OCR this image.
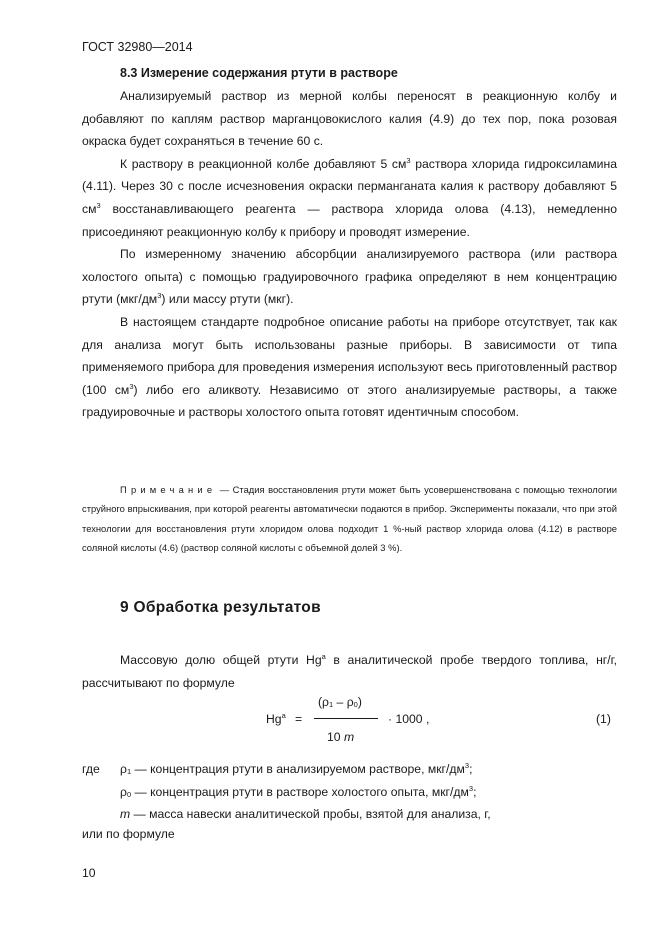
ГОСТ 32980—2014
8.3 Измерение содержания ртути в растворе

Анализируемый раствор из мерной колбы переносят в реакционную колбу и добавляют по каплям раствор марганцовокислого калия (4.9) до тех пор, пока розовая окраска будет сохраняться в течение 60 с.

К раствору в реакционной колбе добавляют 5 $см^3$ раствора хлорида гидроксиламина (4.11). Через 30 с после исчезновения окраски перманганата калия к раствору добавляют 5 $см^3$ восстанавливающего реагента — раствора хлорида олова (4.13), немедленно присоединяют реакционную колбу к прибору и проводят измерение.

По измеренному значению абсорбции анализируемого раствора (или раствора холостого опыта) с помощью градуировочного графика определяют в нем концентрацию ртути $(мкг/дм^3)$ или массу ртути (мкг).

В настоящем стандарте подробное описание работы на приборе отсутствует, так как для анализа могут быть использованы разные приборы. В зависимости от типа применяемого прибора для проведения измерения используют весь приготовленный раствор (100 $см^3$) либо его аликвоту. Независимо от этого анализируемые растворы, а также градуировочные и растворы холостого опыта готовят идентичным способом.

Примечание — Стадия восстановления ртути может быть усовершенствована с помощью технологии струйного впрыскивания, при которой реагенты автоматически подаются в прибор. Эксперименты показали, что при этой технологии для восстановления ртути хлоридом олова подходит 1 %-ный раствор хлорида олова (4.12) в растворе соляной кислоты (4.6) (раствор соляной кислоты с объемной долей 3 %).

9 Обработка результатов

Массовую долю общей ртути Hg$^a$ в аналитической пробе твердого топлива, нг/г, рассчитывают по формуле

$Hg^a$ =
$(\rho_1 - \rho_0)$
10 m
· 1000 ,	(1)
где $\rho_1$ — концентрация ртути в анализируемом растворе, мкг/$дм^3$;
$\rho_0$ — концентрация ртути в растворе холостого опыта, мкг/$дм^3$;
m — масса навески аналитической пробы, взятой для анализа, г,
или по формуле
10
